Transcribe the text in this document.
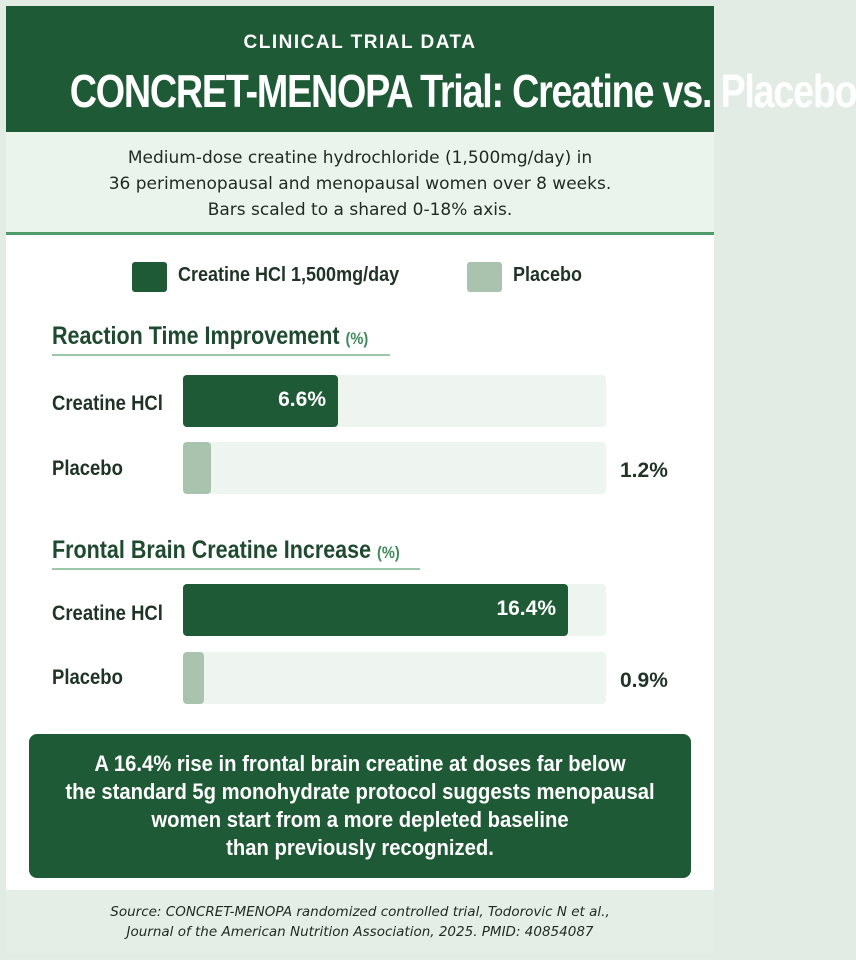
CLINICAL TRIAL DATA
CONCRET-MENOPA Trial: Creatine vs. Placebo
Medium-dose creatine hydrochloride (1,500mg/day) in
36 perimenopausal and menopausal women over 8 weeks.
Bars scaled to a shared 0-18% axis.
Creatine HCl 1,500mg/day	Placebo
Reaction Time Improvement (%)
Creatine HCl	6.6%
Placebo	1.2%
Frontal Brain Creatine Increase (%)
Creatine HCl	16.4%
Placebo	0.9%
A 16.4% rise in frontal brain creatine at doses far below
the standard 5g monohydrate protocol suggests menopausal
women start from a more depleted baseline
than previously recognized.
Source: CONCRET-MENOPA randomized controlled trial, Todorovic N et al.,
Journal of the American Nutrition Association, 2025. PMID: 40854087
